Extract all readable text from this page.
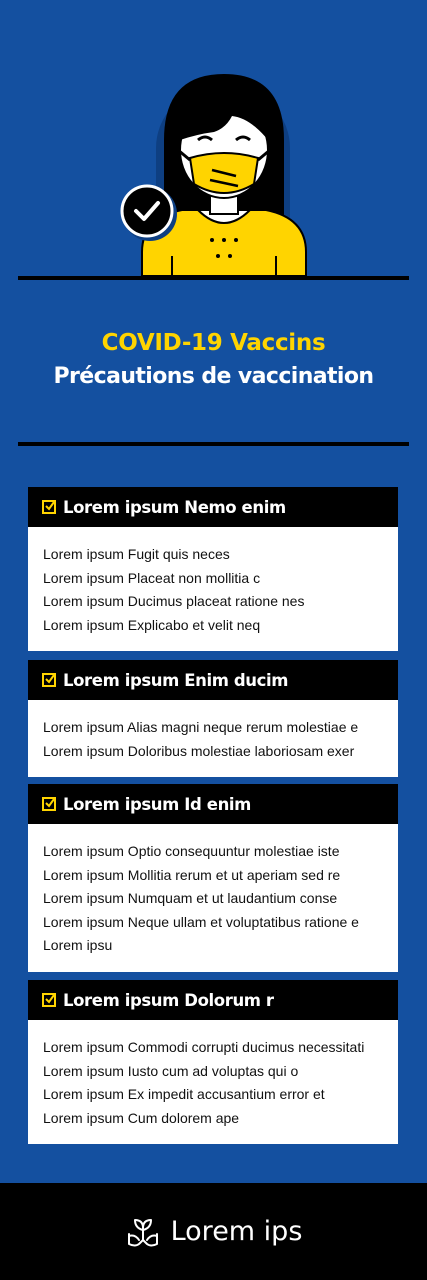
COVID-19 Vaccins
Précautions de vaccination
Lorem ipsum Nemo enim
Lorem ipsum Fugit quis neces
Lorem ipsum Placeat non mollitia c
Lorem ipsum Ducimus placeat ratione nes
Lorem ipsum Explicabo et velit neq
Lorem ipsum Enim ducim
Lorem ipsum Alias magni neque rerum molestiae e
Lorem ipsum Doloribus molestiae laboriosam exer
Lorem ipsum Id enim
Lorem ipsum Optio consequuntur molestiae iste
Lorem ipsum Mollitia rerum et ut aperiam sed re
Lorem ipsum Numquam et ut laudantium conse
Lorem ipsum Neque ullam et voluptatibus ratione e
Lorem ipsu
Lorem ipsum Dolorum r
Lorem ipsum Commodi corrupti ducimus necessitati
Lorem ipsum Iusto cum ad voluptas qui o
Lorem ipsum Ex impedit accusantium error et
Lorem ipsum Cum dolorem ape
Lorem ips
